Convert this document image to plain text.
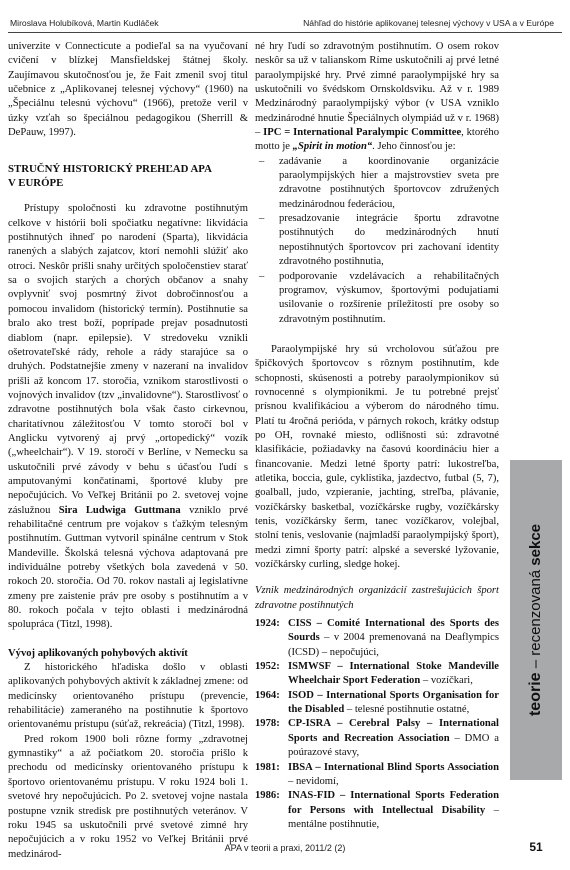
Miroslava Holubíková, Martin Kudláček	Náhľad do histórie aplikovanej telesnej výchovy v USA a v Európe

univerzite v Connecticute a podieľal sa na vyučovaní cvičení v blízkej Mansfieldskej štátnej školy. Zaujímavou skutočnosťou je, že Fait zmenil svoj titul učebnice z „Aplikovanej telesnej výchovy“ (1960) na „Špeciálnu telesnú výchovu“ (1966), pretože veril v úzky vzťah so špeciálnou pedagogikou (Sherrill & DePauw, 1997).

STRUČNÝ HISTORICKÝ PREHĽAD APA
V EURÓPE

Prístupy spoločnosti ku zdravotne postihnutým celkove v histórii boli spočiatku negatívne: likvidácia postihnutých ihneď po narodení (Sparta), likvidácia ranených a slabých zajatcov, ktorí nemohli slúžiť ako otroci. Neskôr prišli snahy určitých spoločenstiev starať sa o svojich starých a chorých občanov a snahy ovplyvniť svoj posmrtný život dobročinnosťou a pomocou invalidom (historický termín). Postihnutie sa bralo ako trest boží, poprípade prejav posadnutosti diablom (napr. epilepsie). V stredoveku vznikli ošetrovateľské rády, rehole a rády starajúce sa o druhých. Podstatnejšie zmeny v nazeraní na invalidov prišli až koncom 17. storočia, vznikom starostlivosti o vojnových invalidov (tzv „invalidovne“). Starostlivosť o zdravotne postihnutých bola však často cirkevnou, charitatívnou záležitosťou V tomto storočí bol v Anglicku vytvorený aj prvý „ortopedický“ vozík („wheelchair“). V 19. storočí v Berlíne, v Nemecku sa uskutočnili prvé závody v behu s účasťou ľudí s amputovanými končatinami, športové kluby pre nepočujúcich. Vo Veľkej Británii po 2. svetovej vojne záslužnou Sira Ludwiga Guttmana vzniklo prvé rehabilitačné centrum pre vojakov s ťažkým telesným postihnutím. Guttman vytvoril spinálne centrum v Stok Mandeville. Školská telesná výchova adaptovaná pre individuálne potreby všetkých bola zavedená v 50. rokoch 20. storočia. Od 70. rokov nastali aj legislatívne zmeny pre zaistenie práv pre osoby s postihnutím a v 80. rokoch počala v tejto oblasti i medzinárodná spolupráca (Titzl, 1998).

Vývoj aplikovaných pohybových aktivít

Z historického hľadiska došlo v oblasti aplikovaných pohybových aktivít k základnej zmene: od medicínsky orientovaného prístupu (prevencie, rehabilitácie) zameraného na postihnutie k športovo orientovanému prístupu (súťaž, rekreácia) (Titzl, 1998).

Pred rokom 1900 boli rôzne formy „zdravotnej gymnastiky“ a až počiatkom 20. storočia prišlo k prechodu od medicínsky orientovaného prístupu k športovo orientovanému prístupu. V roku 1924 boli 1. svetové hry nepočujúcich. Po 2. svetovej vojne nastala postupne vznik stredisk pre postihnutých veteránov. V roku 1945 sa uskutočnili prvé svetové zimné hry nepočujúcich a v roku 1952 vo Veľkej Británii prvé medzinárod-

né hry ľudí so zdravotným postihnutím. O osem rokov neskôr sa už v talianskom Ríme uskutočnili aj prvé letné paraolympijské hry. Prvé zimné paraolympijské hry sa uskutočnili vo švédskom Ornskoldsviku. Až v r. 1989 Medzinárodný paraolympijský výbor (v USA vzniklo medzinárodné hnutie Špeciálnych olympiád už v r. 1968) – IPC = International Paralympic Committee, ktorého motto je „Spirit in motion“. Jeho činnosťou je:

– zadávanie a koordinovanie organizácie paraolympijských hier a majstrovstiev sveta pre zdravotne postihnutých športovcov združených medzinárodnou federáciou,
– presadzovanie integrácie športu zdravotne postihnutých do medzinárodných hnutí nepostihnutých športovcov pri zachovaní identity zdravotného postihnutia,
– podporovanie vzdelávacích a rehabilitačných programov, výskumov, športovými podujatiami usilovanie o rozšírenie príležitostí pre osoby so zdravotným postihnutím.

Paraolympijské hry sú vrcholovou súťažou pre špičkových športovcov s rôznym postihnutím, kde schopnosti, skúsenosti a potreby paraolympionikov sú rovnocenné s olympionikmi. Je tu potrebné prejsť prísnou kvalifikáciou a výberom do národného tímu. Platí tu 4ročná perióda, v párnych rokoch, krátky odstup po OH, rovnaké miesto, odlišnosti sú: zdravotné klasifikácie, požiadavky na časovú koordináciu hier a financovanie. Medzi letné športy patrí: lukostreľba, atletika, boccia, gule, cyklistika, jazdectvo, futbal (5, 7), goalball, judo, vzpieranie, jachting, streľba, plávanie, vozíčkársky basketbal, vozíčkárske rugby, vozíčkársky tenis, vozíčkársky šerm, tanec vozíčkarov, volejbal, stolní tenis, veslovanie (najmladší paraolympijský šport), medzi zimní športy patrí: alpské a severské lyžovanie, vozíčkársky curling, sledge hokej.

Vznik medzinárodných organizácií zastrešujúcich šport zdravotne postihnutých

1924: CISS – Comité International des Sports des Sourds – v 2004 premenovaná na Deaflympics (ICSD) – nepočujúci,
1952: ISMWSF – International Stoke Mandeville Wheelchair Sport Federation – vozíčkari,
1964: ISOD – International Sports Organisation for the Disabled – telesné postihnutie ostatné,
1978: CP-ISRA – Cerebral Palsy – International Sports and Recreation Association – DMO a poúrazové stavy,
1981: IBSA – International Blind Sports Association – nevidomí,
1986: INAS-FID – International Sports Federation for Persons with Intellectual Disability – mentálne postihnutie,
teorie – recenzovaná sekce
APA v teorii a praxi, 2011/2 (2)	51
